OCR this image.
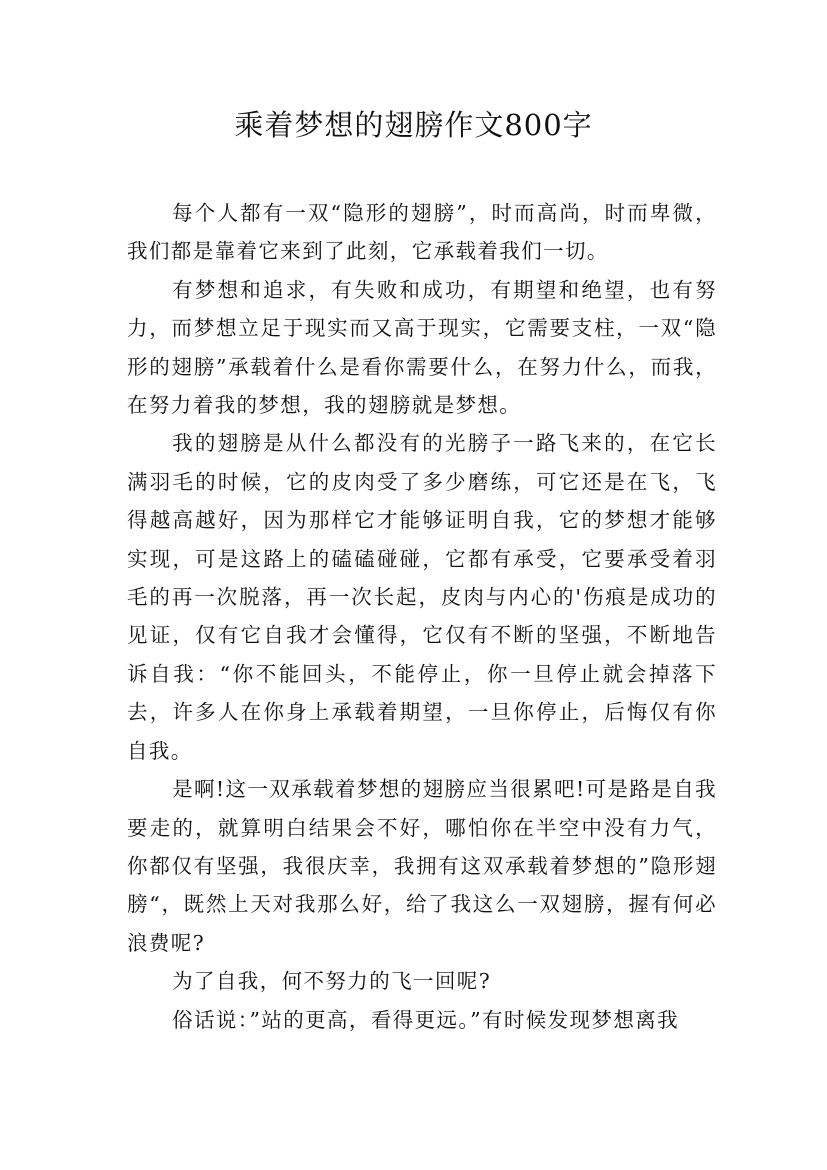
乘着梦想的翅膀作文800字

每个人都有一双“隐形的翅膀”，时而高尚，时而卑微，我们都是靠着它来到了此刻，它承载着我们一切。

有梦想和追求，有失败和成功，有期望和绝望，也有努力，而梦想立足于现实而又高于现实，它需要支柱，一双“隐形的翅膀”承载着什么是看你需要什么，在努力什么，而我，在努力着我的梦想，我的翅膀就是梦想。

我的翅膀是从什么都没有的光膀子一路飞来的，在它长满羽毛的时候，它的皮肉受了多少磨练，可它还是在飞，飞得越高越好，因为那样它才能够证明自我，它的梦想才能够实现，可是这路上的磕磕碰碰，它都有承受，它要承受着羽毛的再一次脱落，再一次长起，皮肉与内心的'伤痕是成功的见证，仅有它自我才会懂得，它仅有不断的坚强，不断地告诉自我：“你不能回头，不能停止，你一旦停止就会掉落下去，许多人在你身上承载着期望，一旦你停止，后悔仅有你自我。

是啊!这一双承载着梦想的翅膀应当很累吧!可是路是自我要走的，就算明白结果会不好，哪怕你在半空中没有力气，你都仅有坚强，我很庆幸，我拥有这双承载着梦想的”隐形翅膀“，既然上天对我那么好，给了我这么一双翅膀，握有何必浪费呢?

为了自我，何不努力的飞一回呢?

俗话说：”站的更高，看得更远。”有时候发现梦想离我
